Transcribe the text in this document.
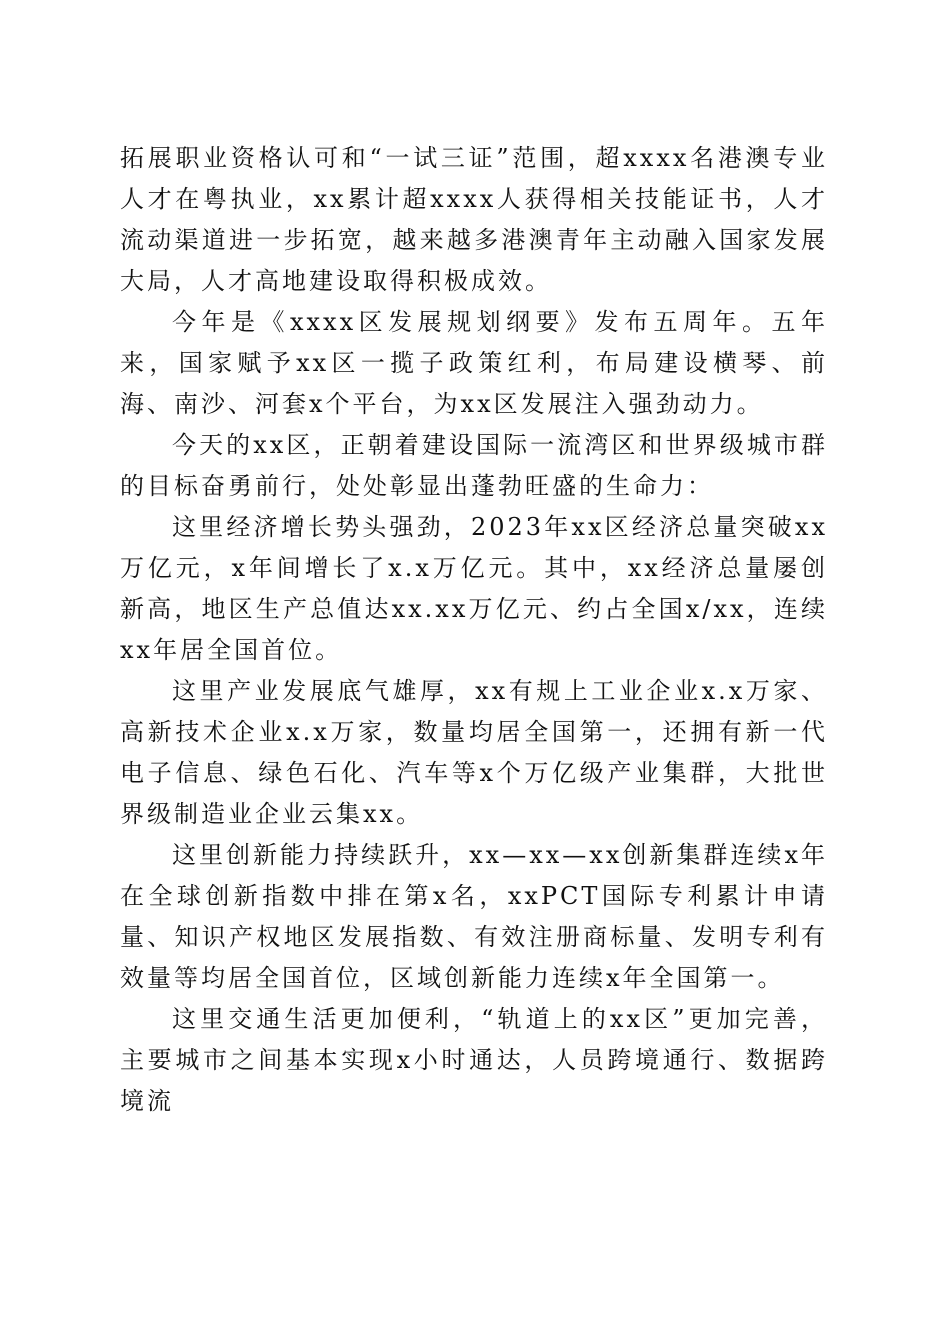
拓展职业资格认可和“一试三证”范围，超xxxx名港澳专业人才在粤执业，xx累计超xxxx人获得相关技能证书，人才流动渠道进一步拓宽，越来越多港澳青年主动融入国家发展大局，人才高地建设取得积极成效。

今年是《xxxx区发展规划纲要》发布五周年。五年来，国家赋予xx区一揽子政策红利，布局建设横琴、前海、南沙、河套x个平台，为xx区发展注入强劲动力。

今天的xx区，正朝着建设国际一流湾区和世界级城市群的目标奋勇前行，处处彰显出蓬勃旺盛的生命力：

这里经济增长势头强劲，2023年xx区经济总量突破xx万亿元，x年间增长了x.x万亿元。其中，xx经济总量屡创新高，地区生产总值达xx.xx万亿元、约占全国x/xx，连续xx年居全国首位。

这里产业发展底气雄厚，xx有规上工业企业x.x万家、高新技术企业x.x万家，数量均居全国第一，还拥有新一代电子信息、绿色石化、汽车等x个万亿级产业集群，大批世界级制造业企业云集xx。

这里创新能力持续跃升，xx—xx—xx创新集群连续x年在全球创新指数中排在第x名，xxPCT国际专利累计申请量、知识产权地区发展指数、有效注册商标量、发明专利有效量等均居全国首位，区域创新能力连续x年全国第一。

这里交通生活更加便利，“轨道上的xx区”更加完善，主要城市之间基本实现x小时通达，人员跨境通行、数据跨境流
